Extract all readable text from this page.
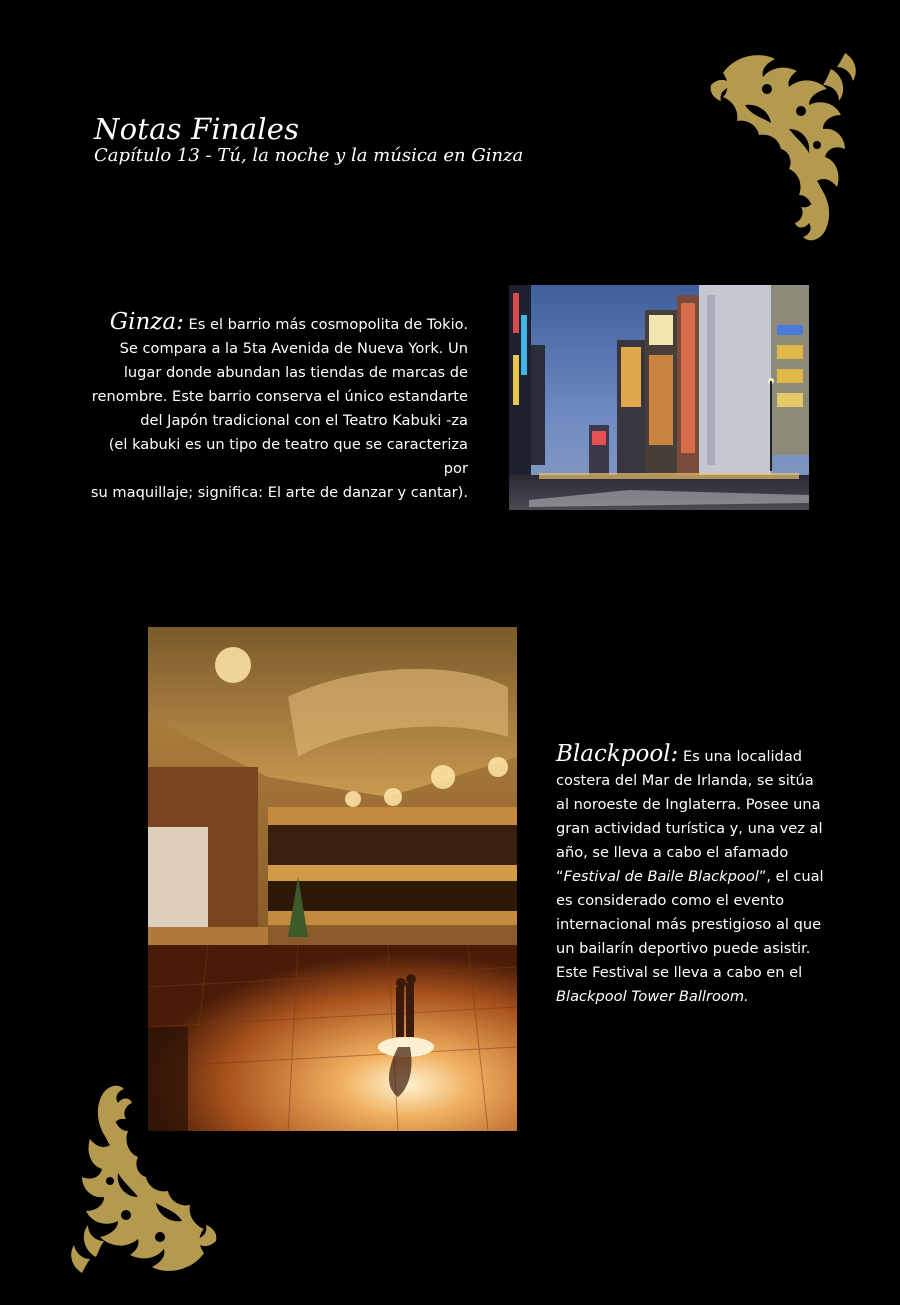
Notas Finales
Capítulo 13 - Tú, la noche y la música en Ginza
Ginza: Es el barrio más cosmopolita de Tokio.
Se compara a la 5ta Avenida de Nueva York. Un
lugar donde abundan las tiendas de marcas de
renombre. Este barrio conserva el único estandarte
del Japón tradicional con el Teatro Kabuki -za
(el kabuki es un tipo de teatro que se caracteriza por
su maquillaje; significa: El arte de danzar y cantar).
Blackpool: Es una localidad
costera del Mar de Irlanda, se sitúa
al noroeste de Inglaterra. Posee una
gran actividad turística y, una vez al
año, se lleva a cabo el afamado
“Festival de Baile Blackpool”, el cual
es considerado como el evento
internacional más prestigioso al que
un bailarín deportivo puede asistir.
Este Festival se lleva a cabo en el
Blackpool Tower Ballroom.
